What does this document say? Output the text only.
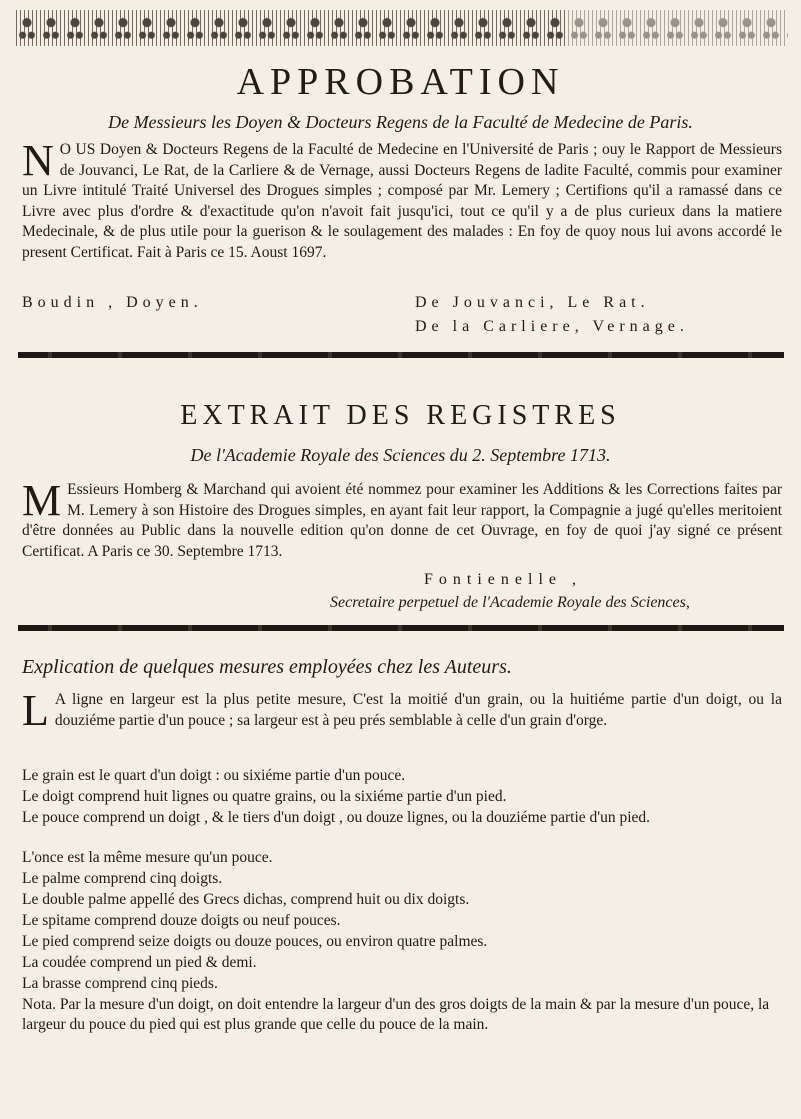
APPROBATION
De Messieurs les Doyen & Docteurs Regens de la Faculté de Medecine de Paris.
N O US Doyen & Docteurs Regens de la Faculté de Medecine en l'Université de Paris ; ouy le Rapport de Messieurs de Jouvanci, Le Rat, de la Carliere & de Vernage, aussi Docteurs Regens de ladite Faculté, commis pour examiner un Livre intitulé Traité Universel des Drogues simples ; composé par Mr. Lemery ; Certifions qu'il a ramassé dans ce Livre avec plus d'ordre & d'exactitude qu'on n'avoit fait jusqu'ici, tout ce qu'il y a de plus curieux dans la matiere Medecinale, & de plus utile pour la guerison & le soulagement des malades : En foy de quoy nous lui avons accordé le present Certificat. Fait à Paris ce 15. Aoust 1697.
Boudin , Doyen.	De Jouvanci, Le Rat.
De la Carliere, Vernage.
EXTRAIT DES REGISTRES
De l'Academie Royale des Sciences du 2. Septembre 1713.
M Essieurs Homberg & Marchand qui avoient été nommez pour examiner les Additions & les Corrections faites par M. Lemery à son Histoire des Drogues simples, en ayant fait leur rapport, la Compagnie a jugé qu'elles meritoient d'être données au Public dans la nouvelle edition qu'on donne de cet Ouvrage, en foy de quoi j'ay signé ce présent Certificat. A Paris ce 30. Septembre 1713.
Fontienelle ,
Secretaire perpetuel de l'Academie Royale des Sciences,
Explication de quelques mesures employées chez les Auteurs.
L A ligne en largeur est la plus petite mesure, C'est la moitié d'un grain, ou la huitiéme partie d'un doigt, ou la douziéme partie d'un pouce ; sa largeur est à peu prés semblable à celle d'un grain d'orge.
Le grain est le quart d'un doigt : ou sixiéme partie d'un pouce.
Le doigt comprend huit lignes ou quatre grains, ou la sixiéme partie d'un pied.
Le pouce comprend un doigt , & le tiers d'un doigt , ou douze lignes, ou la douziéme partie d'un pied.
L'once est la même mesure qu'un pouce.
Le palme comprend cinq doigts.
Le double palme appellé des Grecs dichas, comprend huit ou dix doigts.
Le spitame comprend douze doigts ou neuf pouces.
Le pied comprend seize doigts ou douze pouces, ou environ quatre palmes.
La coudée comprend un pied & demi.
La brasse comprend cinq pieds.
Nota. Par la mesure d'un doigt, on doit entendre la largeur d'un des gros doigts de la main & par la mesure d'un pouce, la largeur du pouce du pied qui est plus grande que celle du pouce de la main.
